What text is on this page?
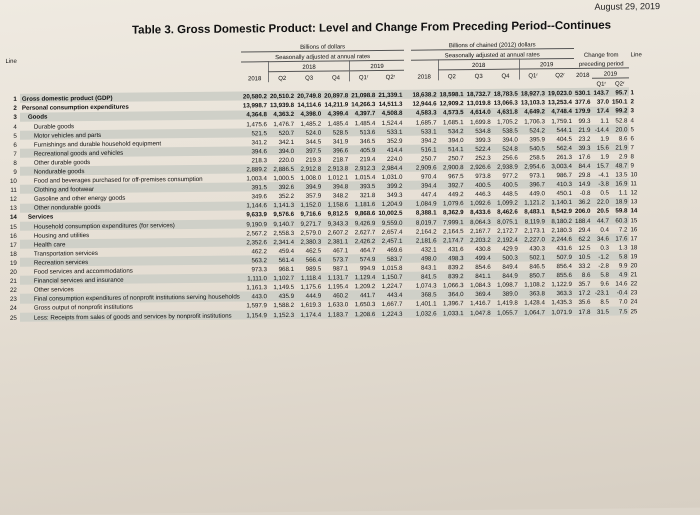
August 29, 2019
Table 3. Gross Domestic Product: Level and Change From Preceding Period--Continues
		Billions of dollars							Billions of chained (2012) dollars									
Line		Seasonally adjusted at annual rates							Seasonally adjusted at annual rates						Change from			Line
		2018	2018			2019			2018	2018			2019		preceding period			
			Q2	Q3	Q4	Q1ʳ	Q2ʳ			Q2	Q3	Q4	Q1ʳ	Q2ʳ	2018	2019		
																Q1ʳ	Q2ʳ	
1	Gross domestic product (GDP)	20,580.2	20,510.2	20,749.8	20,897.8	21,098.8	21,339.1		18,638.2	18,598.1	18,732.7	18,783.5	18,927.3	19,023.0	530.1	143.7	95.7	1
2	Personal consumption expenditures	13,998.7	13,939.8	14,114.6	14,211.9	14,266.3	14,511.3		12,944.6	12,909.2	13,019.8	13,066.3	13,103.3	13,253.4	377.6	37.0	150.1	2
3	Goods	4,364.8	4,363.2	4,398.0	4,399.4	4,397.7	4,508.8		4,583.3	4,573.5	4,614.0	4,631.8	4,649.2	4,748.4	179.9	17.4	99.2	3
4	Durable goods	1,475.6	1,476.7	1,485.2	1,485.4	1,485.4	1,524.4		1,685.7	1,685.1	1,699.8	1,705.2	1,706.3	1,759.1	99.3	1.1	52.8	4
5	Motor vehicles and parts	521.5	520.7	524.0	528.5	513.6	533.1		533.1	534.2	534.8	538.5	524.2	544.1	21.9	-14.4	20.0	5
6	Furnishings and durable household equipment	341.2	342.1	344.5	341.9	346.5	352.9		394.2	394.0	399.3	394.0	395.9	404.5	23.2	1.9	8.6	6
7	Recreational goods and vehicles	394.6	394.0	397.5	396.6	405.9	414.4		516.1	514.1	522.4	524.8	540.5	562.4	39.3	15.6	21.9	7
8	Other durable goods	218.3	220.0	219.3	218.7	219.4	224.0		250.7	250.7	252.3	256.6	258.5	261.3	17.6	1.9	2.9	8
9	Nondurable goods	2,889.2	2,886.5	2,912.8	2,913.8	2,912.3	2,984.4		2,909.6	2,900.8	2,926.6	2,938.9	2,954.6	3,003.4	84.4	15.7	48.7	9
10	Food and beverages purchased for off-premises consumption	1,003.4	1,000.5	1,008.0	1,012.1	1,015.4	1,031.0		970.4	967.5	973.8	977.2	973.1	986.7	29.8	-4.1	13.5	10
11	Clothing and footwear	391.5	392.6	394.9	394.8	393.5	399.2		394.4	392.7	400.5	400.5	396.7	410.3	14.9	-3.8	16.9	11
12	Gasoline and other energy goods	349.6	352.2	357.9	348.2	321.8	349.3		447.4	449.2	446.3	448.5	449.0	450.1	-0.8	0.5	1.1	12
13	Other nondurable goods	1,144.6	1,141.3	1,152.0	1,158.6	1,181.6	1,204.9		1,084.9	1,079.6	1,092.6	1,099.2	1,121.2	1,140.1	36.2	22.0	18.9	13
14	Services	9,633.9	9,576.6	9,716.6	9,812.5	9,868.6	10,002.5		8,388.1	8,362.9	8,433.6	8,462.6	8,483.1	8,542.9	206.0	20.5	59.8	14
15	Household consumption expenditures (for services)	9,190.9	9,140.7	9,271.7	9,343.3	9,426.9	9,559.0		8,019.7	7,999.1	8,064.3	8,075.1	8,119.9	8,180.2	188.4	44.7	60.3	15
16	Housing and utilities	2,567.2	2,558.3	2,579.0	2,607.2	2,627.7	2,657.4		2,164.2	2,164.5	2,167.7	2,172.7	2,173.1	2,180.3	29.4	0.4	7.2	16
17	Health care	2,352.6	2,341.4	2,380.3	2,381.1	2,426.2	2,457.1		2,181.6	2,174.7	2,203.2	2,192.4	2,227.0	2,244.6	62.2	34.6	17.6	17
18	Transportation services	462.2	459.4	462.5	467.1	464.7	469.6		432.1	431.6	430.8	429.9	430.3	431.6	12.5	0.3	1.3	18
19	Recreation services	563.2	561.4	566.4	573.7	574.9	583.7		498.0	498.3	499.4	500.3	502.1	507.9	10.5	-1.2	5.8	19
20	Food services and accommodations	973.3	968.1	989.5	987.1	994.9	1,015.8		843.1	839.2	854.6	849.4	846.5	856.4	33.2	-2.8	9.9	20
21	Financial services and insurance	1,111.0	1,102.7	1,118.4	1,131.7	1,129.4	1,150.7		841.5	839.2	841.1	844.9	850.7	855.6	8.6	5.8	4.9	21
22	Other services	1,161.3	1,149.5	1,175.6	1,195.4	1,209.2	1,224.7		1,074.3	1,066.3	1,084.3	1,098.7	1,108.2	1,122.9	35.7	9.6	14.6	22
23	Final consumption expenditures of nonprofit institutions serving households	443.0	435.9	444.9	460.2	441.7	443.4		368.5	364.0	369.4	389.0	363.8	363.3	17.2	-23.1	-0.4	23
24	Gross output of nonprofit institutions	1,597.9	1,588.2	1,619.3	1,633.0	1,650.3	1,667.7		1,401.1	1,396.7	1,416.7	1,419.8	1,428.4	1,435.3	35.6	8.5	7.0	24
25	Less: Receipts from sales of goods and services by nonprofit institutions	1,154.9	1,152.3	1,174.4	1,183.7	1,208.6	1,224.3		1,032.6	1,033.1	1,047.8	1,055.7	1,064.7	1,071.9	17.8	31.5	7.5	25
